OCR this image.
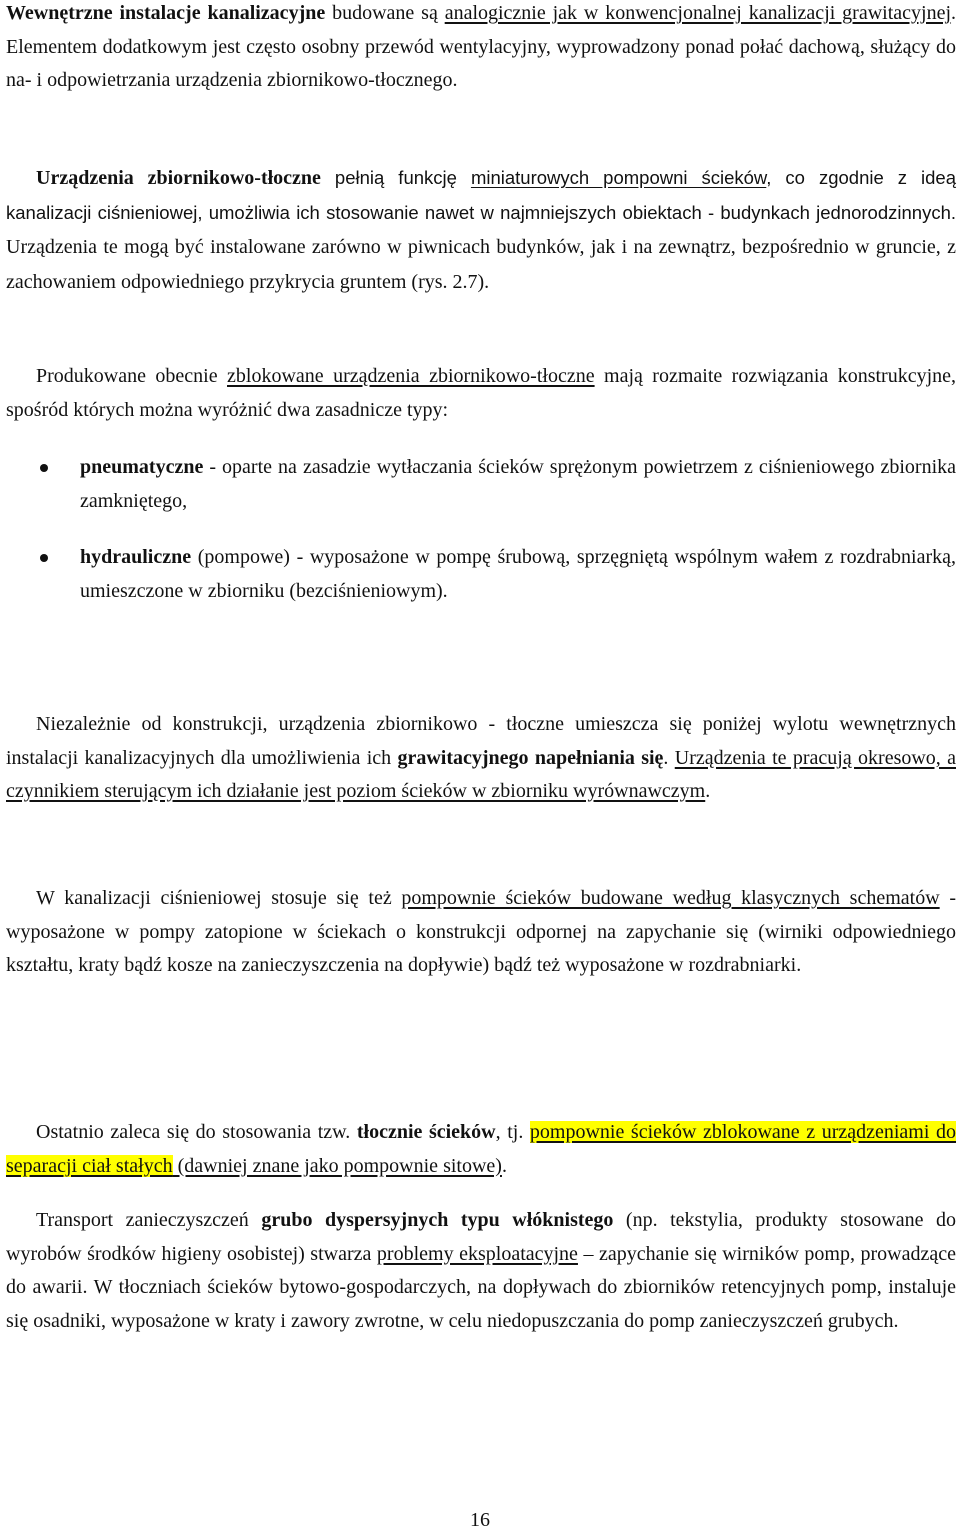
Wewnętrzne instalacje kanalizacyjne budowane są analogicznie jak w konwencjonalnej kanalizacji grawitacyjnej. Elementem dodatkowym jest często osobny przewód wentylacyjny, wyprowadzony ponad połać dachową, służący do na- i odpowietrzania urządzenia zbiornikowo-tłocznego.

Urządzenia zbiornikowo-tłoczne pełnią funkcję miniaturowych pompowni ścieków, co zgodnie z ideą kanalizacji ciśnieniowej, umożliwia ich stosowanie nawet w najmniejszych obiektach - budynkach jednorodzinnych. Urządzenia te mogą być instalowane zarówno w piwnicach budynków, jak i na zewnątrz, bezpośrednio w gruncie, z zachowaniem odpowiedniego przykrycia gruntem (rys. 2.7).

Produkowane obecnie zblokowane urządzenia zbiornikowo-tłoczne mają rozmaite rozwiązania konstrukcyjne, spośród których można wyróżnić dwa zasadnicze typy:

pneumatyczne - oparte na zasadzie wytłaczania ścieków sprężonym powietrzem z ciśnieniowego zbiornika zamkniętego,
hydrauliczne (pompowe) - wyposażone w pompę śrubową, sprzęgniętą wspólnym wałem z rozdrabniarką, umieszczone w zbiorniku (bezciśnieniowym).

Niezależnie od konstrukcji, urządzenia zbiornikowo - tłoczne umieszcza się poniżej wylotu wewnętrznych instalacji kanalizacyjnych dla umożliwienia ich grawitacyjnego napełniania się. Urządzenia te pracują okresowo, a czynnikiem sterującym ich działanie jest poziom ścieków w zbiorniku wyrównawczym.

W kanalizacji ciśnieniowej stosuje się też pompownie ścieków budowane według klasycznych schematów - wyposażone w pompy zatopione w ściekach o konstrukcji odpornej na zapychanie się (wirniki odpowiedniego kształtu, kraty bądź kosze na zanieczyszczenia na dopływie) bądź też wyposażone w rozdrabniarki.

Ostatnio zaleca się do stosowania tzw. tłocznie ścieków, tj. pompownie ścieków zblokowane z urządzeniami do separacji ciał stałych (dawniej znane jako pompownie sitowe).

Transport zanieczyszczeń grubo dyspersyjnych typu włóknistego (np. tekstylia, produkty stosowane do wyrobów środków higieny osobistej) stwarza problemy eksploatacyjne – zapychanie się wirników pomp, prowadzące do awarii. W tłoczniach ścieków bytowo-gospodarczych, na dopływach do zbiorników retencyjnych pomp, instaluje się osadniki, wyposażone w kraty i zawory zwrotne, w celu niedopuszczania do pomp zanieczyszczeń grubych.

16
